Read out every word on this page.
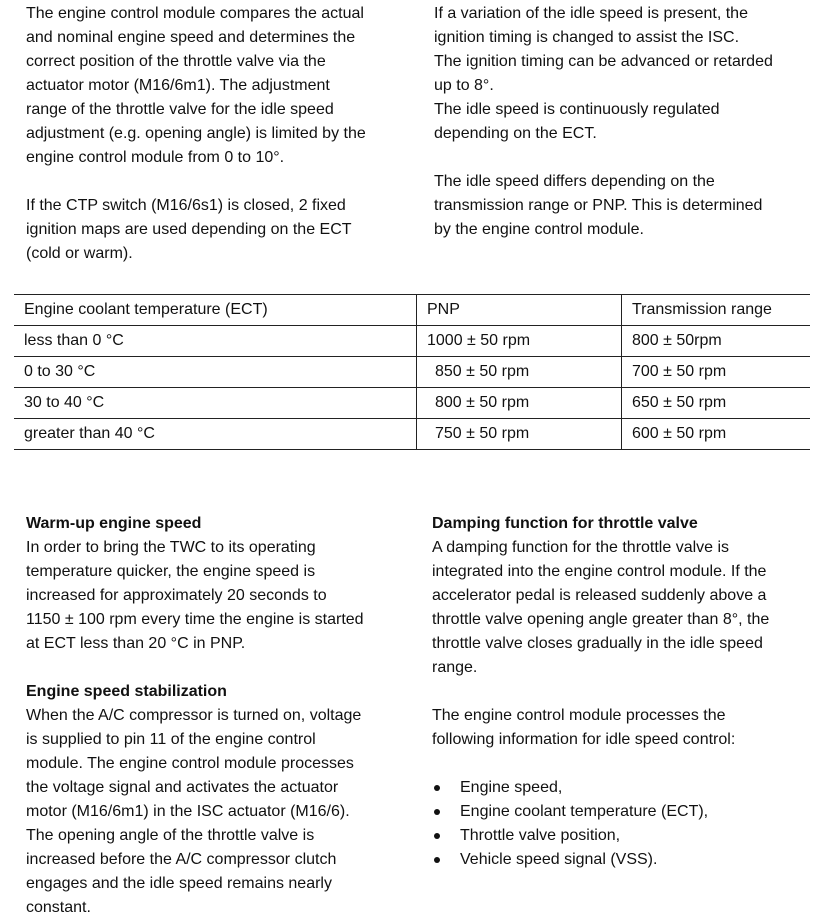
The engine control module compares the actual

and nominal engine speed and determines the

correct position of the throttle valve via the

actuator motor (M16/6m1). The adjustment

range of the throttle valve for the idle speed

adjustment (e.g. opening angle) is limited by the

engine control module from 0 to 10°.

If the CTP switch (M16/6s1) is closed, 2 fixed

ignition maps are used depending on the ECT

(cold or warm).

If a variation of the idle speed is present, the

ignition timing is changed to assist the ISC.

The ignition timing can be advanced or retarded

up to 8°.

The idle speed is continuously regulated

depending on the ECT.

The idle speed differs depending on the

transmission range or PNP. This is determined

by the engine control module.

Engine coolant temperature (ECT)	PNP	Transmission range
less than 0 °C	1000 ± 50 rpm	800 ± 50rpm
0 to 30 °C	850 ± 50 rpm	700 ± 50 rpm
30 to 40 °C	800 ± 50 rpm	650 ± 50 rpm
greater than 40 °C	750 ± 50 rpm	600 ± 50 rpm

Warm-up engine speed

In order to bring the TWC to its operating

temperature quicker, the engine speed is

increased for approximately 20 seconds to

1150 ± 100 rpm every time the engine is started

at ECT less than 20 °C in PNP.

Engine speed stabilization

When the A/C compressor is turned on, voltage

is supplied to pin 11 of the engine control

module. The engine control module processes

the voltage signal and activates the actuator

motor (M16/6m1) in the ISC actuator (M16/6).

The opening angle of the throttle valve is

increased before the A/C compressor clutch

engages and the idle speed remains nearly

constant.

Damping function for throttle valve

A damping function for the throttle valve is

integrated into the engine control module. If the

accelerator pedal is released suddenly above a

throttle valve opening angle greater than 8°, the

throttle valve closes gradually in the idle speed

range.

The engine control module processes the

following information for idle speed control:

Engine speed,
Engine coolant temperature (ECT),
Throttle valve position,
Vehicle speed signal (VSS).
